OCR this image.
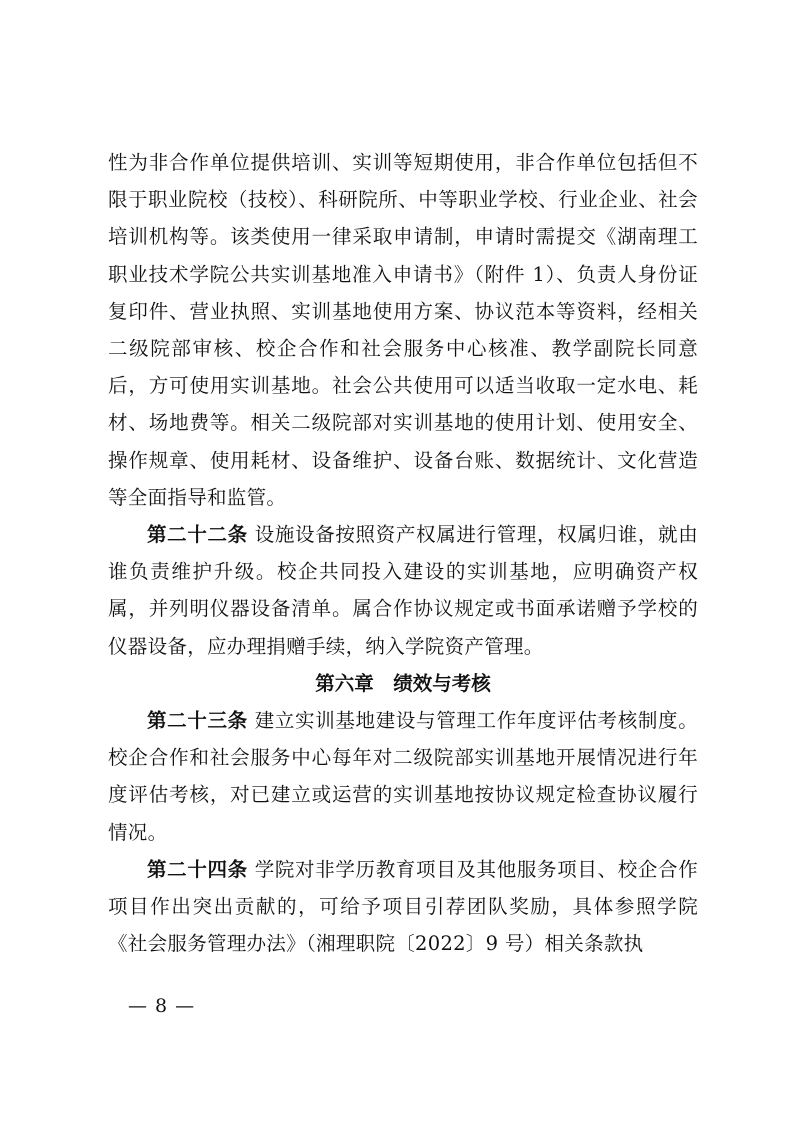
性为非合作单位提供培训、实训等短期使用，非合作单位包括但不限于职业院校（技校）、科研院所、中等职业学校、行业企业、社会培训机构等。该类使用一律采取申请制，申请时需提交《湖南理工职业技术学院公共实训基地准入申请书》（附件 1）、负责人身份证复印件、营业执照、实训基地使用方案、协议范本等资料，经相关二级院部审核、校企合作和社会服务中心核准、教学副院长同意后，方可使用实训基地。社会公共使用可以适当收取一定水电、耗材、场地费等。相关二级院部对实训基地的使用计划、使用安全、操作规章、使用耗材、设备维护、设备台账、数据统计、文化营造等全面指导和监管。

第二十二条 设施设备按照资产权属进行管理，权属归谁，就由谁负责维护升级。校企共同投入建设的实训基地，应明确资产权属，并列明仪器设备清单。属合作协议规定或书面承诺赠予学校的仪器设备，应办理捐赠手续，纳入学院资产管理。

第六章　绩效与考核

第二十三条 建立实训基地建设与管理工作年度评估考核制度。校企合作和社会服务中心每年对二级院部实训基地开展情况进行年度评估考核，对已建立或运营的实训基地按协议规定检查协议履行情况。

第二十四条 学院对非学历教育项目及其他服务项目、校企合作项目作出突出贡献的，可给予项目引荐团队奖励，具体参照学院《社会服务管理办法》（湘理职院〔2022〕9 号）相关条款执

— 8 —
